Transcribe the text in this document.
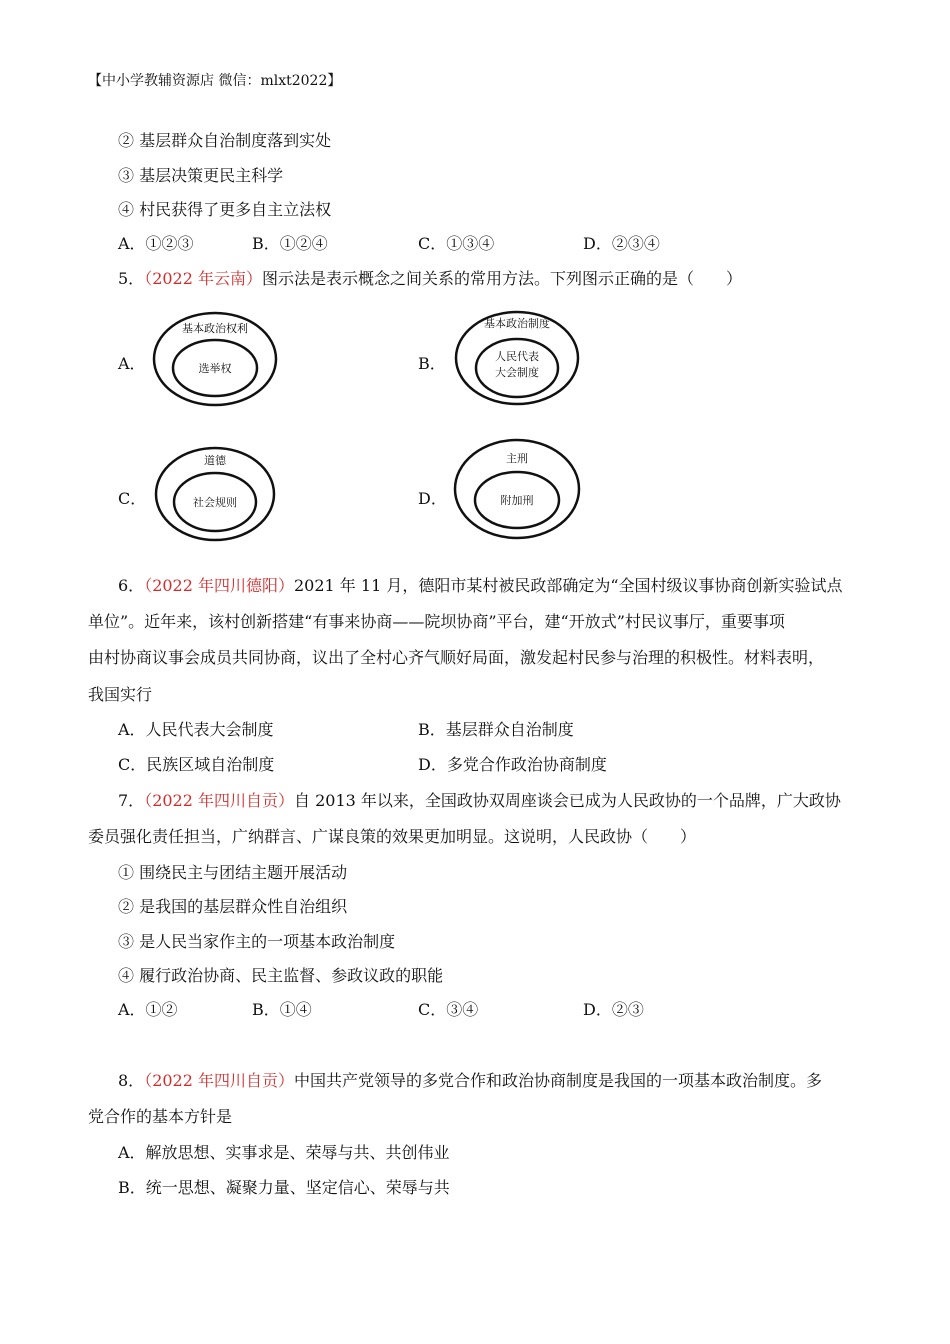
【中小学教辅资源店 微信：mlxt2022】
② 基层群众自治制度落到实处
③ 基层决策更民主科学
④ 村民获得了更多自主立法权
A．①②③	B．①②④	C．①③④	D．②③④
5．（2022 年云南）图示法是表示概念之间关系的常用方法。下列图示正确的是（　　）
A．
基本政治权利
选举权	B．
基本政治制度
人民代表
大会制度
C．
道德
社会规则	D．
主刑
附加刑
6．（2022 年四川德阳）2021 年 11 月，德阳市某村被民政部确定为“全国村级议事协商创新实验试点
单位”。近年来，该村创新搭建“有事来协商——院坝协商”平台，建“开放式”村民议事厅，重要事项
由村协商议事会成员共同协商，议出了全村心齐气顺好局面，激发起村民参与治理的积极性。材料表明，
我国实行
A．人民代表大会制度	B．基层群众自治制度
C．民族区域自治制度	D．多党合作政治协商制度
7．（2022 年四川自贡）自 2013 年以来，全国政协双周座谈会已成为人民政协的一个品牌，广大政协
委员强化责任担当，广纳群言、广谋良策的效果更加明显。这说明，人民政协（　　）
① 围绕民主与团结主题开展活动
② 是我国的基层群众性自治组织
③ 是人民当家作主的一项基本政治制度
④ 履行政治协商、民主监督、参政议政的职能
A．①②	B．①④	C．③④	D．②③
8．（2022 年四川自贡）中国共产党领导的多党合作和政治协商制度是我国的一项基本政治制度。多
党合作的基本方针是
A．解放思想、实事求是、荣辱与共、共创伟业
B．统一思想、凝聚力量、坚定信心、荣辱与共
